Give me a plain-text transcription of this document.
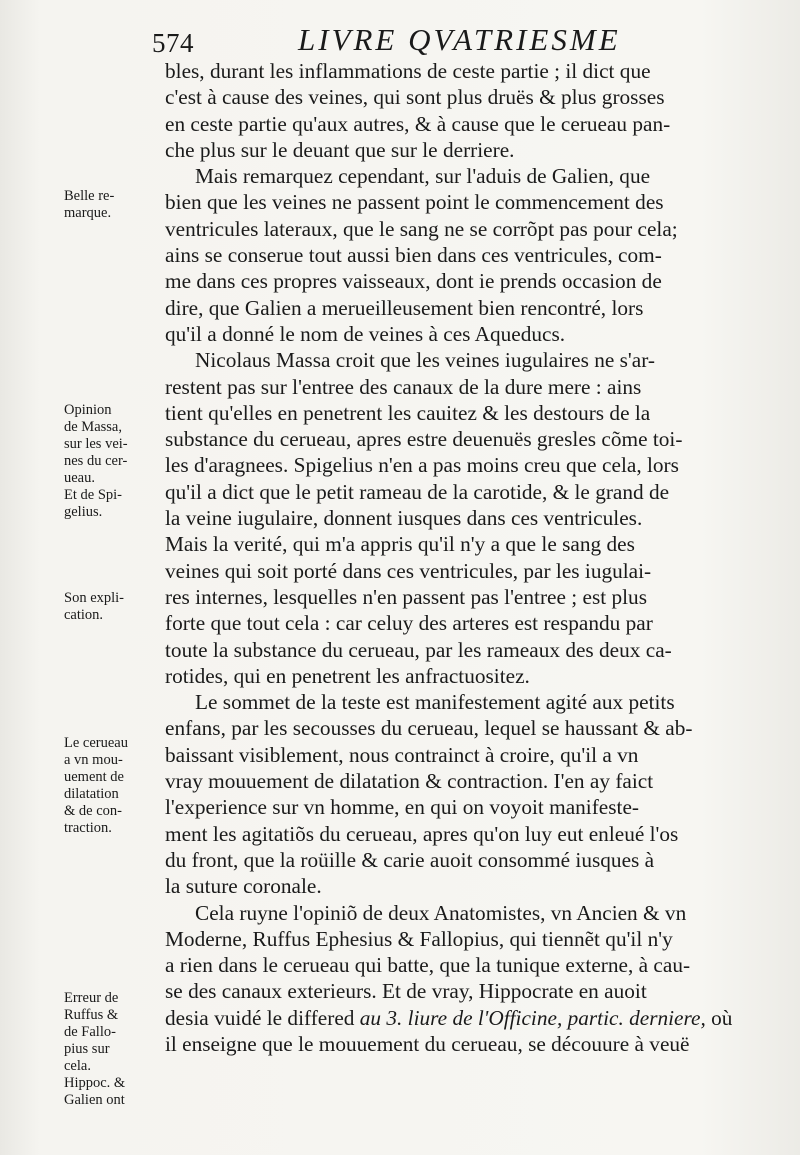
574	LIVRE QVATRIESME
Belle re-
marque.
Opinion
de Massa,
sur les vei-
nes du cer-
ueau.
Et de Spi-
gelius.
Son expli-
cation.
Le cerueau
a vn mou-
uement de
dilatation
& de con-
traction.
Erreur de
Ruffus &
de Fallo-
pius sur
cela.
Hippoc. &
Galien ont
bles, durant les inflammations de ceste partie ; il dict que
c'est à cause des veines, qui sont plus druës & plus grosses
en ceste partie qu'aux autres, & à cause que le cerueau pan-
che plus sur le deuant que sur le derriere.
Mais remarquez cependant, sur l'aduis de Galien, que
bien que les veines ne passent point le commencement des
ventricules lateraux, que le sang ne se corrõpt pas pour cela;
ains se conserue tout aussi bien dans ces ventricules, com-
me dans ces propres vaisseaux, dont ie prends occasion de
dire, que Galien a merueilleusement bien rencontré, lors
qu'il a donné le nom de veines à ces Aqueducs.
Nicolaus Massa croit que les veines iugulaires ne s'ar-
restent pas sur l'entree des canaux de la dure mere : ains
tient qu'elles en penetrent les cauitez & les destours de la
substance du cerueau, apres estre deuenuës gresles cõme toi-
les d'aragnees. Spigelius n'en a pas moins creu que cela, lors
qu'il a dict que le petit rameau de la carotide, & le grand de
la veine iugulaire, donnent iusques dans ces ventricules.
Mais la verité, qui m'a appris qu'il n'y a que le sang des
veines qui soit porté dans ces ventricules, par les iugulai-
res internes, lesquelles n'en passent pas l'entree ; est plus
forte que tout cela : car celuy des arteres est respandu par
toute la substance du cerueau, par les rameaux des deux ca-
rotides, qui en penetrent les anfractuositez.
Le sommet de la teste est manifestement agité aux petits
enfans, par les secousses du cerueau, lequel se haussant & ab-
baissant visiblement, nous contrainct à croire, qu'il a vn
vray mouuement de dilatation & contraction. I'en ay faict
l'experience sur vn homme, en qui on voyoit manifeste-
ment les agitatiõs du cerueau, apres qu'on luy eut enleué l'os
du front, que la roüille & carie auoit consommé iusques à
la suture coronale.
Cela ruyne l'opiniõ de deux Anatomistes, vn Ancien & vn
Moderne, Ruffus Ephesius & Fallopius, qui tiennẽt qu'il n'y
a rien dans le cerueau qui batte, que la tunique externe, à cau-
se des canaux exterieurs. Et de vray, Hippocrate en auoit
desia vuidé le differed au 3. liure de l'Officine, partic. derniere, où
il enseigne que le mouuement du cerueau, se découure à veuë
